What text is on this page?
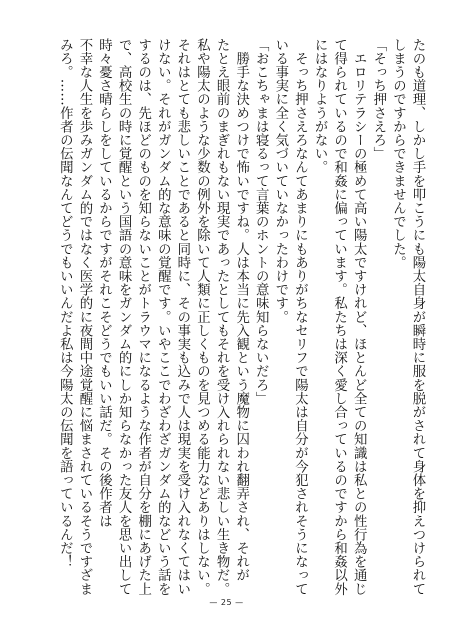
たのも道理、しかし手を叩こうにも陽太自身が瞬時に服を脱がされて身体を抑えつけられて

しまうのですからできませんでした。

「そっち押さえろ」

　エロリテラシーの極めて高い陽太ですけれど、ほとんど全ての知識は私との性行為を通じ

て得られているので和姦に偏っています。私たちは深く愛し合っているのですから和姦以外

にはなりようがない。

　そっち押さえろなんてあまりにもありがちなセリフで陽太は自分が今犯されそうになって

いる事実に全く気づいていなかったわけです。

「おこちゃまは寝るって言葉のホントの意味知らないだろ」

　勝手な決めつけで怖いですね。人は本当に先入観という魔物に囚われ翻弄され、それが

たとえ眼前のまぎれもない現実であったとしてもそれを受け入れられない悲しい生き物だ。

私や陽太のような少数の例外を除いて人類に正しくものを見つめる能力などありはしない。

それはとても悲しいことであると同時に、その事実も込みで人は現実を受け入れなくてはい

けない。それがガンダム的な意味の覚醒です。いやここでわざわざガンダム的などいう話を

するのは、先ほどのものを知らないことがトラウマになるような作者が自分を棚にあげた上

で、高校生の時に覚醒という国語の意味をガンダム的にしか知らなかった友人を思い出して

時々憂さ晴らしをしているからですがそれこそどうでもいい話だ。その後作者は

不幸な人生を歩みガンダム的ではなく医学的に夜間中途覚醒に悩まされているそうですざま

みろ。……作者の伝聞なんてどうでもいいんだよ私は今陽太の伝聞を語っているんだ！

— 25 —
